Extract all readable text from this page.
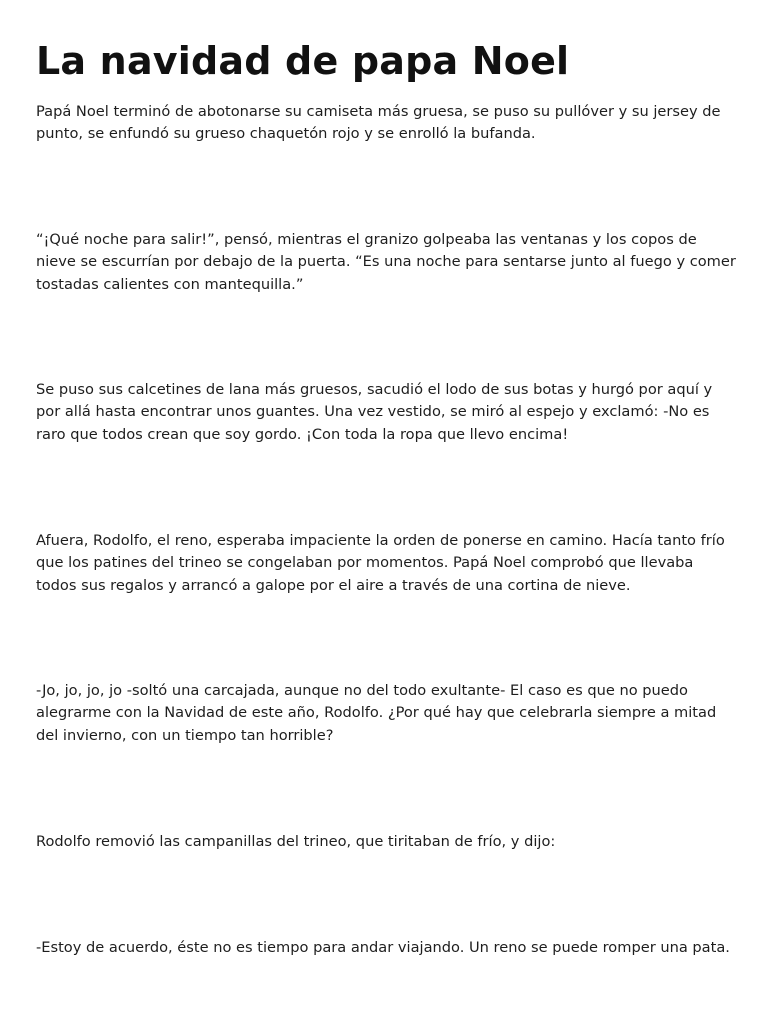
La navidad de papa Noel

Papá Noel terminó de abotonarse su camiseta más gruesa, se puso su pullóver y su jersey de punto, se enfundó su grueso chaquetón rojo y se enrolló la bufanda.

“¡Qué noche para salir!”, pensó, mientras el granizo golpeaba las ventanas y los copos de nieve se escurrían por debajo de la puerta. “Es una noche para sentarse junto al fuego y comer tostadas calientes con mantequilla.”

Se puso sus calcetines de lana más gruesos, sacudió el lodo de sus botas y hurgó por aquí y por allá hasta encontrar unos guantes. Una vez vestido, se miró al espejo y exclamó: -No es raro que todos crean que soy gordo. ¡Con toda la ropa que llevo encima!

Afuera, Rodolfo, el reno, esperaba impaciente la orden de ponerse en camino. Hacía tanto frío que los patines del trineo se congelaban por momentos. Papá Noel comprobó que llevaba todos sus regalos y arrancó a galope por el aire a través de una cortina de nieve.

-Jo, jo, jo, jo -soltó una carcajada, aunque no del todo exultante- El caso es que no puedo alegrarme con la Navidad de este año, Rodolfo. ¿Por qué hay que celebrarla siempre a mitad del invierno, con un tiempo tan horrible?

Rodolfo removió las campanillas del trineo, que tiritaban de frío, y dijo:

-Estoy de acuerdo, éste no es tiempo para andar viajando. Un reno se puede romper una pata.
